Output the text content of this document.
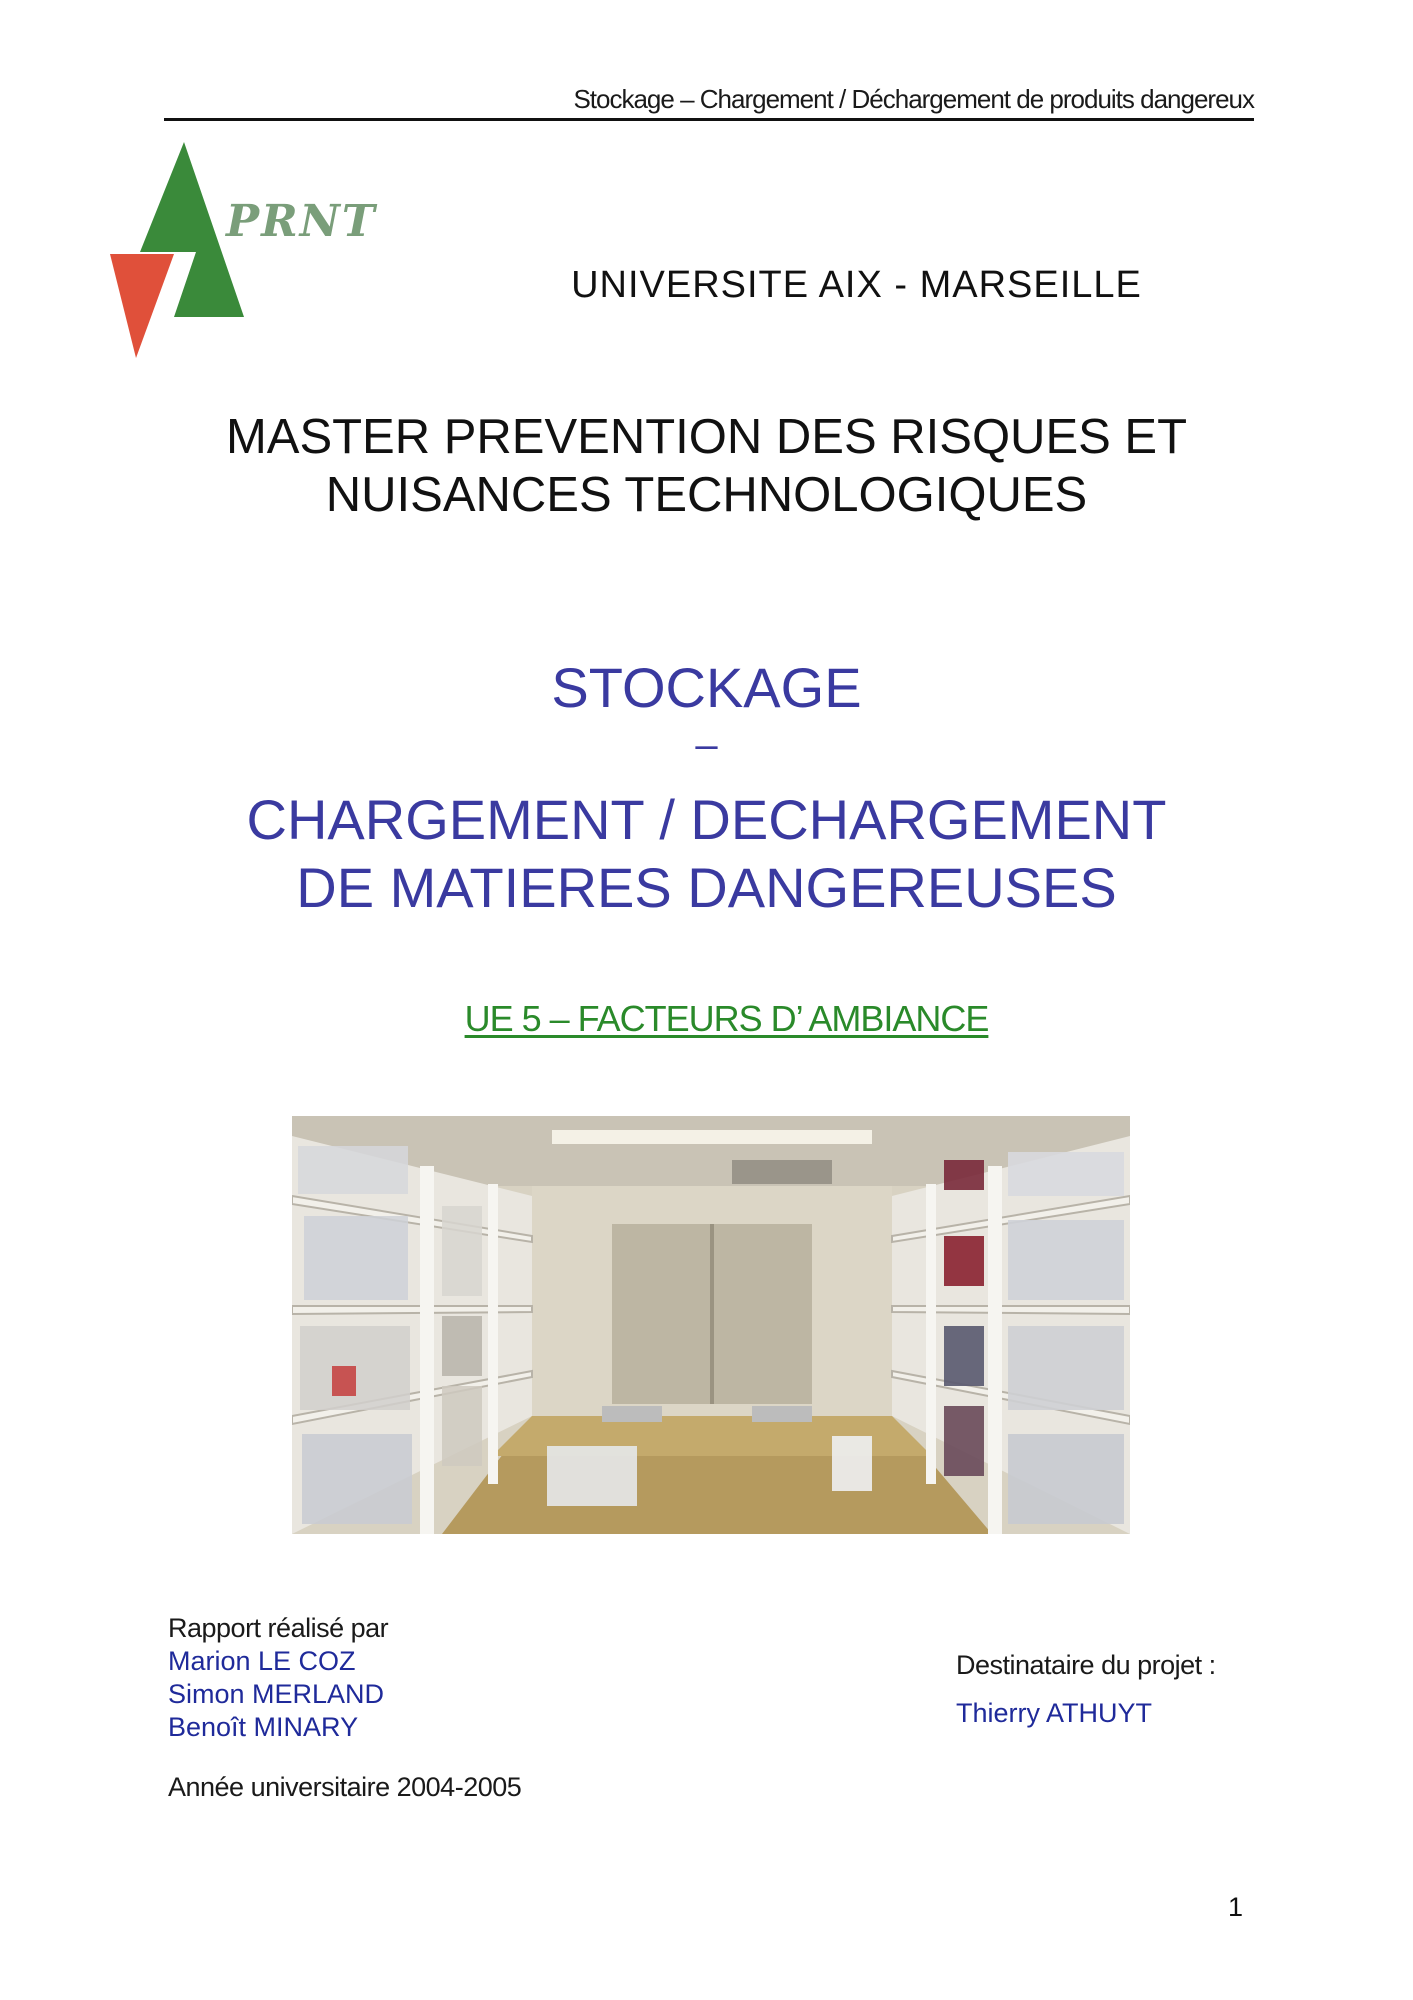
Stockage – Chargement / Déchargement de produits dangereux
PRNT
UNIVERSITE AIX - MARSEILLE
MASTER PREVENTION DES RISQUES ET
NUISANCES TECHNOLOGIQUES
STOCKAGE
–
CHARGEMENT / DECHARGEMENT
DE MATIERES DANGEREUSES
UE 5 – FACTEURS D’ AMBIANCE
Rapport réalisé par
Marion LE COZ
Simon MERLAND
Benoît MINARY
Année universitaire 2004-2005
Destinataire du projet :
Thierry ATHUYT
1
